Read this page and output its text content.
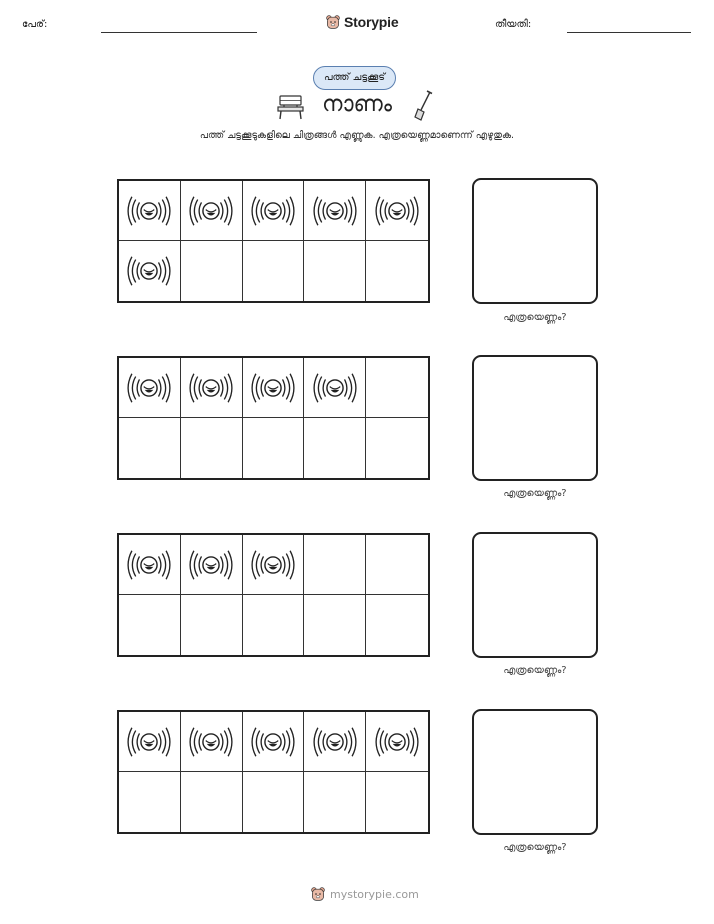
പേര്:	Storypie	തീയതി:
പത്ത് ചട്ടക്കൂട്
നാണം
പത്ത് ചട്ടക്കൂടുകളിലെ ചിത്രങ്ങൾ എണ്ണുക. എത്രയെണ്ണമാണെന്ന് എഴുതുക.
എത്രയെണ്ണം?
എത്രയെണ്ണം?
എത്രയെണ്ണം?
എത്രയെണ്ണം?
mystorypie.com
